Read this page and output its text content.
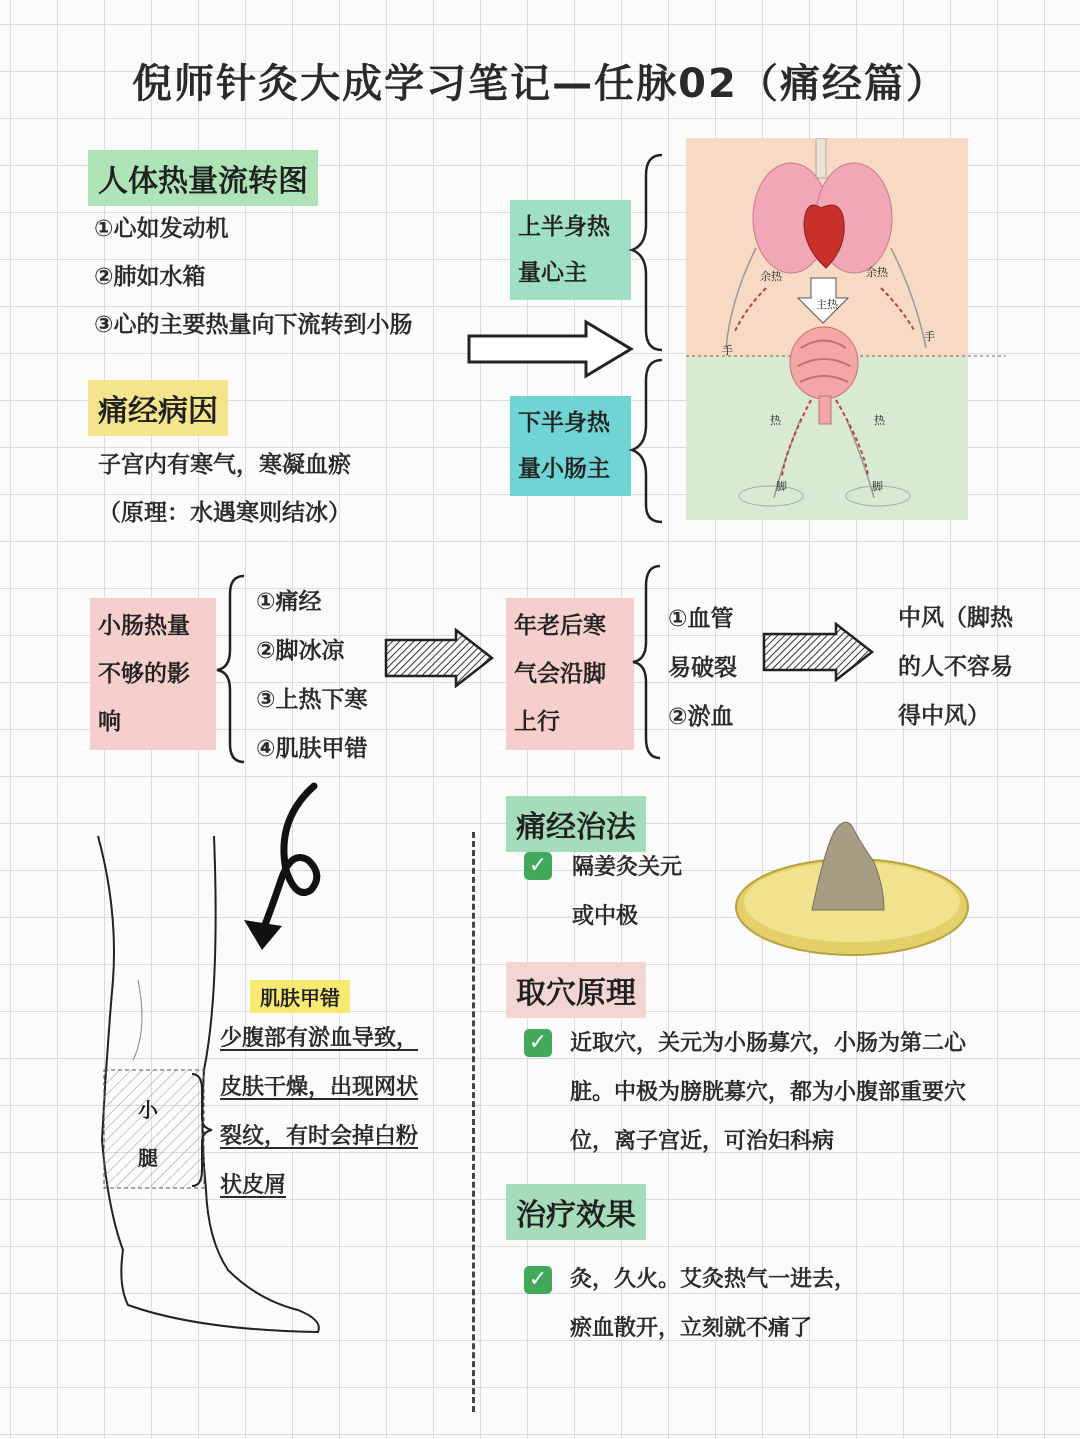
倪师针灸大成学习笔记—任脉02（痛经篇）
人体热量流转图
①心如发动机
②肺如水箱
③心的主要热量向下流转到小肠
上半身热
量心主
下半身热
量小肠主
余热	余热
主热
手
手
热	热
脚	脚
痛经病因
子宫内有寒气，寒凝血瘀
（原理：水遇寒则结冰）
小肠热量
不够的影
响
①痛经
②脚冰凉
③上热下寒
④肌肤甲错
年老后寒
气会沿脚
上行
①血管
易破裂
②淤血
中风（脚热
的人不容易
得中风）
小
腿
肌肤甲错
少腹部有淤血导致，
皮肤干燥，出现网状
裂纹，有时会掉白粉
状皮屑
痛经治法
✓ 隔姜灸关元
或中极
取穴原理
✓ 近取穴，关元为小肠募穴，小肠为第二心
脏。中极为膀胱募穴，都为小腹部重要穴
位，离子宫近，可治妇科病
治疗效果
✓ 灸，久火。艾灸热气一进去，
瘀血散开，立刻就不痛了
